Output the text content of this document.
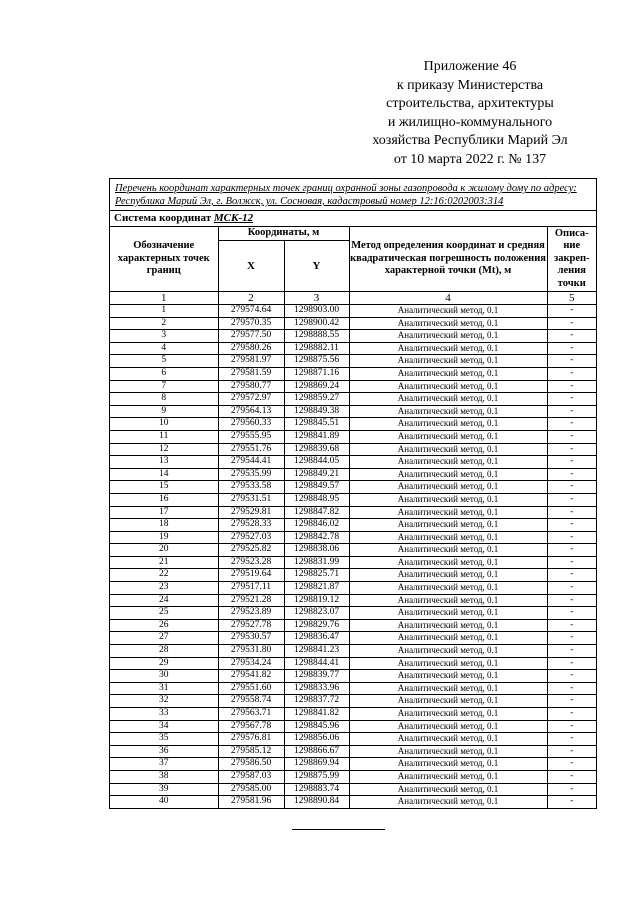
Приложение 46
к приказу Министерства
строительства, архитектуры
и жилищно-коммунального
хозяйства Республики Марий Эл
от 10 марта 2022 г. № 137
Перечень координат характерных точек границ охранной зоны газопровода к жилому дому по адресу: Республика Марий Эл, г. Волжск, ул. Сосновая, кадастровый номер 12:16:0202003:314
Система координат МСК-12
Обозначение характерных точек границ	Координаты, м		Метод определения координат и средняя квадратическая погрешность положения характерной точки (Mt), м	Описа- ние закреп- ления точки
	X	Y		
1	2	3	4	5
1	279574.64	1298903.00	Аналитический метод, 0.1	-
2	279570.35	1298900.42	Аналитический метод, 0.1	-
3	279577.50	1298888.55	Аналитический метод, 0.1	-
4	279580.26	1298882.11	Аналитический метод, 0.1	-
5	279581.97	1298875.56	Аналитический метод, 0.1	-
6	279581.59	1298871.16	Аналитический метод, 0.1	-
7	279580.77	1298869.24	Аналитический метод, 0.1	-
8	279572.97	1298859.27	Аналитический метод, 0.1	-
9	279564.13	1298849.38	Аналитический метод, 0.1	-
10	279560.33	1298845.51	Аналитический метод, 0.1	-
11	279555.95	1298841.89	Аналитический метод, 0.1	-
12	279551.76	1298839.68	Аналитический метод, 0.1	-
13	279544.41	1298844.05	Аналитический метод, 0.1	-
14	279535.99	1298849.21	Аналитический метод, 0.1	-
15	279533.58	1298849.57	Аналитический метод, 0.1	-
16	279531.51	1298848.95	Аналитический метод, 0.1	-
17	279529.81	1298847.82	Аналитический метод, 0.1	-
18	279528.33	1298846.02	Аналитический метод, 0.1	-
19	279527.03	1298842.78	Аналитический метод, 0.1	-
20	279525.82	1298838.06	Аналитический метод, 0.1	-
21	279523.28	1298831.99	Аналитический метод, 0.1	-
22	279519.64	1298825.71	Аналитический метод, 0.1	-
23	279517.11	1298821.87	Аналитический метод, 0.1	-
24	279521.28	1298819.12	Аналитический метод, 0.1	-
25	279523.89	1298823.07	Аналитический метод, 0.1	-
26	279527.78	1298829.76	Аналитический метод, 0.1	-
27	279530.57	1298836.47	Аналитический метод, 0.1	-
28	279531.80	1298841.23	Аналитический метод, 0.1	-
29	279534.24	1298844.41	Аналитический метод, 0.1	-
30	279541.82	1298839.77	Аналитический метод, 0.1	-
31	279551.60	1298833.96	Аналитический метод, 0.1	-
32	279558.74	1298837.72	Аналитический метод, 0.1	-
33	279563.71	1298841.82	Аналитический метод, 0.1	-
34	279567.78	1298845.96	Аналитический метод, 0.1	-
35	279576.81	1298856.06	Аналитический метод, 0.1	-
36	279585.12	1298866.67	Аналитический метод, 0.1	-
37	279586.50	1298869.94	Аналитический метод, 0.1	-
38	279587.03	1298875.99	Аналитический метод, 0.1	-
39	279585.00	1298883.74	Аналитический метод, 0.1	-
40	279581.96	1298890.84	Аналитический метод, 0.1	-
